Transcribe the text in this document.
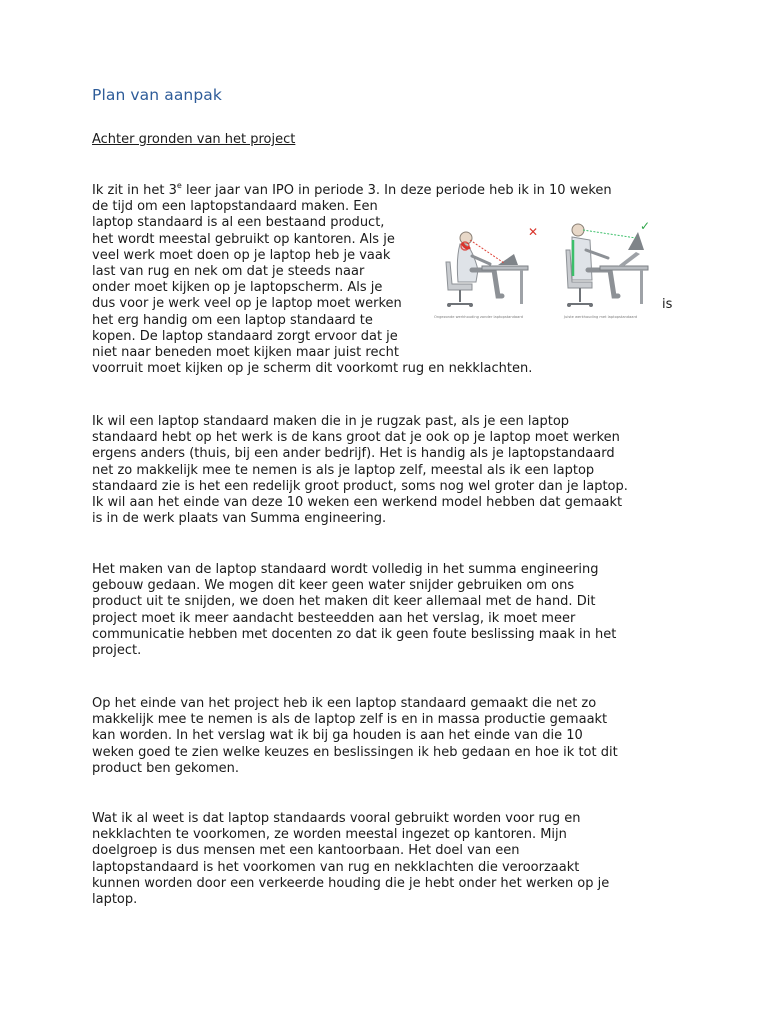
Plan van aanpak
Achter gronden van het project
Ik zit in het 3e leer jaar van IPO in periode 3. In deze periode heb ik in 10 weken
de tijd om een laptopstandaard maken. Een
laptop standaard is al een bestaand product,
het wordt meestal gebruikt op kantoren. Als je
veel werk moet doen op je laptop heb je vaak
last van rug en nek om dat je steeds naar
onder moet kijken op je laptopscherm. Als je
dus voor je werk veel op je laptop moet werken
het erg handig om een laptop standaard te
kopen. De laptop standaard zorgt ervoor dat je
niet naar beneden moet kijken maar juist recht
voorruit moet kijken op je scherm dit voorkomt rug en nekklachten.
is
✕
Ongezonde werkhouding zonder laptopstandaard
✓
Juiste werkhouding met laptopstandaard
Ik wil een laptop standaard maken die in je rugzak past, als je een laptop
standaard hebt op het werk is de kans groot dat je ook op je laptop moet werken
ergens anders (thuis, bij een ander bedrijf). Het is handig als je laptopstandaard
net zo makkelijk mee te nemen is als je laptop zelf, meestal als ik een laptop
standaard zie is het een redelijk groot product, soms nog wel groter dan je laptop.
Ik wil aan het einde van deze 10 weken een werkend model hebben dat gemaakt
is in de werk plaats van Summa engineering.
Het maken van de laptop standaard wordt volledig in het summa engineering
gebouw gedaan. We mogen dit keer geen water snijder gebruiken om ons
product uit te snijden, we doen het maken dit keer allemaal met de hand. Dit
project moet ik meer aandacht besteedden aan het verslag, ik moet meer
communicatie hebben met docenten zo dat ik geen foute beslissing maak in het
project.
Op het einde van het project heb ik een laptop standaard gemaakt die net zo
makkelijk mee te nemen is als de laptop zelf is en in massa productie gemaakt
kan worden. In het verslag wat ik bij ga houden is aan het einde van die 10
weken goed te zien welke keuzes en beslissingen ik heb gedaan en hoe ik tot dit
product ben gekomen.
Wat ik al weet is dat laptop standaards vooral gebruikt worden voor rug en
nekklachten te voorkomen, ze worden meestal ingezet op kantoren. Mijn
doelgroep is dus mensen met een kantoorbaan. Het doel van een
laptopstandaard is het voorkomen van rug en nekklachten die veroorzaakt
kunnen worden door een verkeerde houding die je hebt onder het werken op je
laptop.
